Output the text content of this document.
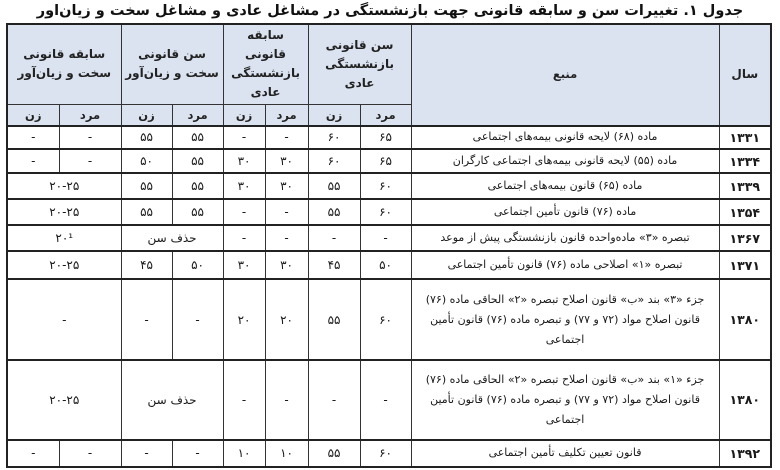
جدول ۱. تغییرات سن و سابقه قانونی جهت بازنشستگی در مشاغل عادی و مشاغل سخت و زیان‌اور
سال	منبع	سن قانونی بازنشستگی عادی		سابقه قانونی بازنشستگی عادی		سن قانونی سخت و زیان‌آور		سابقه قانونی سخت و زیان‌آور	
		مرد	زن	مرد	زن	مرد	زن	مرد	زن
۱۳۳۱	ماده (۶۸) لایحه قانونی بیمه‌های اجتماعی	۶۵	۶۰	-	-	۵۵	۵۵	-	-
۱۳۳۴	ماده (۵۵) لایحه قانونی بیمه‌های اجتماعی کارگران	۶۵	۶۰	۳۰	۳۰	۵۵	۵۰	-	-
۱۳۳۹	ماده (۶۵) قانون بیمه‌های اجتماعی	۶۰	۵۵	۳۰	۳۰	۵۵	۵۵	۲۰-۲۵	
۱۳۵۴	ماده (۷۶) قانون تأمین اجتماعی	۶۰	۵۵	-	-	۵۵	۵۵	۲۰-۲۵	
۱۳۶۷	تبصره «۳» ماده‌واحده قانون بازنشستگی پیش از موعد	-	-	-	-	حذف سن		۲۰¹	
۱۳۷۱	تبصره «۱» اصلاحی ماده (۷۶) قانون تأمین اجتماعی	۵۰	۴۵	۳۰	۳۰	۵۰	۴۵	۲۰-۲۵	
۱۳۸۰	جزء «۳» بند «ب» قانون اصلاح تبصره «۲» الحاقی ماده (۷۶) قانون اصلاح مواد (۷۲ و ۷۷) و تبصره ماده (۷۶) قانون تأمین اجتماعی	۶۰	۵۵	۲۰	۲۰	-	-	-	
۱۳۸۰	جزء «۱» بند «ب» قانون اصلاح تبصره «۲» الحاقی ماده (۷۶) قانون اصلاح مواد (۷۲ و ۷۷) و تبصره ماده (۷۶) قانون تأمین اجتماعی	-	-	-	-	حذف سن		۲۰-۲۵	
۱۳۹۲	قانون تعیین تکلیف تأمین اجتماعی	۶۰	۵۵	۱۰	۱۰	-	-	-	-
